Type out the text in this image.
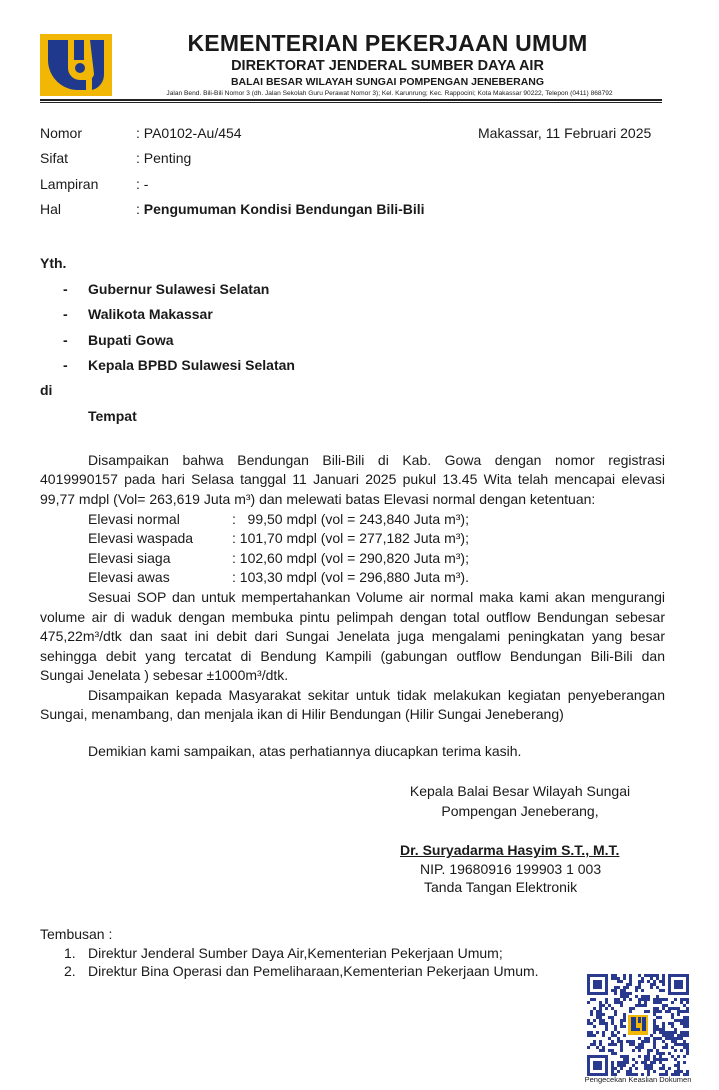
KEMENTERIAN PEKERJAAN UMUM
DIREKTORAT JENDERAL SUMBER DAYA AIR
BALAI BESAR WILAYAH SUNGAI POMPENGAN JENEBERANG
Jalan Bend. Bili-Bili Nomor 3 (dh. Jalan Sekolah Guru Perawat Nomor 3); Kel. Karunrung; Kec. Rappocini; Kota Makassar 90222, Telepon (0411) 868792
Nomor	: PA0102-Au/454	Makassar, 11 Februari 2025
Sifat	: Penting
Lampiran	: -
Hal	: Pengumuman Kondisi Bendungan Bili-Bili
Yth.
- Gubernur Sulawesi Selatan
- Walikota Makassar
- Bupati Gowa
- Kepala BPBD Sulawesi Selatan
di
Tempat
Disampaikan bahwa Bendungan Bili-Bili di Kab. Gowa dengan nomor registrasi
4019990157 pada hari Selasa tanggal 11 Januari 2025 pukul 13.45 Wita telah mencapai elevasi
99,77 mdpl (Vol= 263,619 Juta m³) dan melewati batas Elevasi normal dengan ketentuan:
Elevasi normal	:   99,50 mdpl (vol = 243,840 Juta m³);
Elevasi waspada	: 101,70 mdpl (vol = 277,182 Juta m³);
Elevasi siaga	: 102,60 mdpl (vol = 290,820 Juta m³);
Elevasi awas	: 103,30 mdpl (vol = 296,880 Juta m³).
Sesuai SOP dan untuk mempertahankan Volume air normal maka kami akan mengurangi
volume air di waduk dengan membuka pintu pelimpah dengan total outflow Bendungan sebesar
475,22m³/dtk dan saat ini debit dari Sungai Jenelata juga mengalami peningkatan yang besar
sehingga debit yang tercatat di Bendung Kampili (gabungan outflow Bendungan Bili-Bili dan
Sungai Jenelata ) sebesar ±1000m³/dtk.
Disampaikan kepada Masyarakat sekitar untuk tidak melakukan kegiatan penyeberangan
Sungai, menambang, dan menjala ikan di Hilir Bendungan (Hilir Sungai Jeneberang)
Demikian kami sampaikan, atas perhatiannya diucapkan terima kasih.
Kepala Balai Besar Wilayah Sungai
Pompengan Jeneberang,
Dr. Suryadarma Hasyim S.T., M.T.
NIP. 19680916 199903 1 003
Tanda Tangan Elektronik
Tembusan :
1. Direktur Jenderal Sumber Daya Air,Kementerian Pekerjaan Umum;
2. Direktur Bina Operasi dan Pemeliharaan,Kementerian Pekerjaan Umum.
Pengecekan Keaslian Dokumen
